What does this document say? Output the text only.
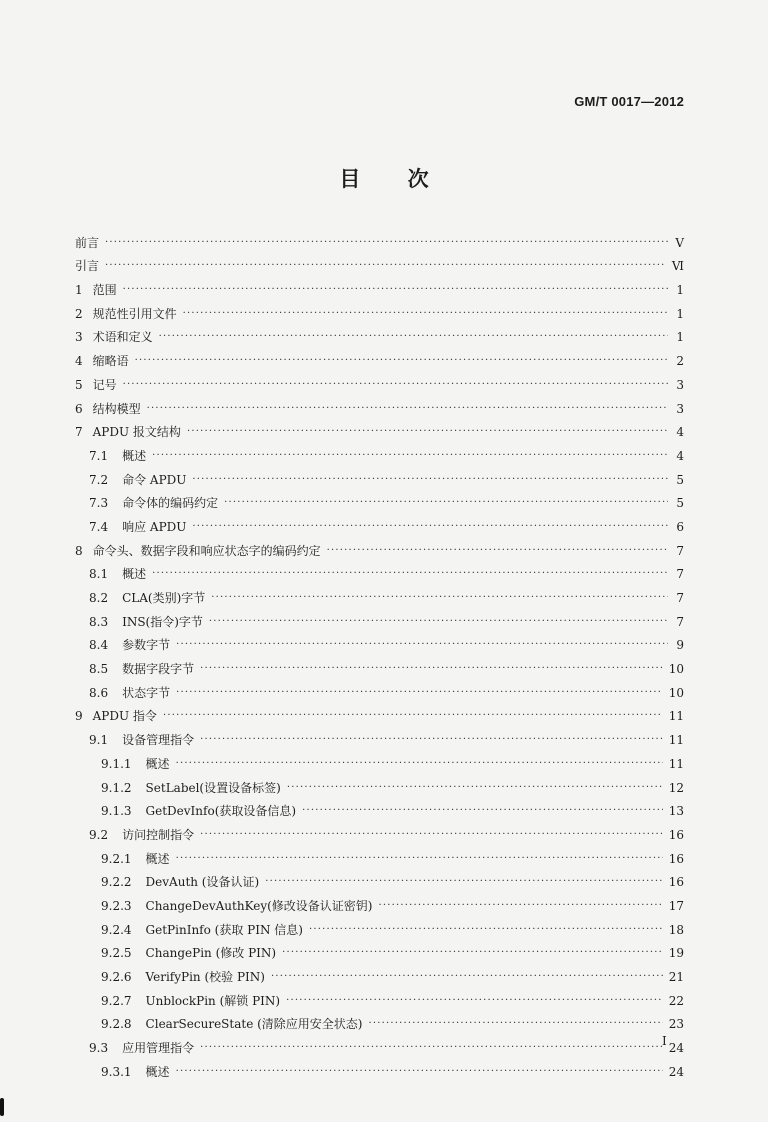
GM/T 0017—2012
目 次
前言 ·····	Ⅴ
引言 ·····	Ⅵ
1 范围 ·····	1
2 规范性引用文件 ·····	1
3 术语和定义 ·····	1
4 缩略语 ·····	2
5 记号 ·····	3
6 结构模型 ·····	3
7 APDU 报文结构 ·····	4
7.1 概述 ·····	4
7.2 命令 APDU ·····	5
7.3 命令体的编码约定 ·····	5
7.4 响应 APDU ·····	6
8 命令头、数据字段和响应状态字的编码约定 ·····	7
8.1 概述 ·····	7
8.2 CLA(类别)字节 ·····	7
8.3 INS(指令)字节 ·····	7
8.4 参数字节 ·····	9
8.5 数据字段字节 ·····	10
8.6 状态字节 ·····	10
9 APDU 指令 ·····	11
9.1 设备管理指令 ·····	11
9.1.1 概述 ·····	11
9.1.2 SetLabel(设置设备标签) ·····	12
9.1.3 GetDevInfo(获取设备信息) ·····	13
9.2 访问控制指令 ·····	16
9.2.1 概述 ·····	16
9.2.2 DevAuth (设备认证) ·····	16
9.2.3 ChangeDevAuthKey(修改设备认证密钥) ·····	17
9.2.4 GetPinInfo (获取 PIN 信息) ·····	18
9.2.5 ChangePin (修改 PIN) ·····	19
9.2.6 VerifyPin (校验 PIN) ·····	21
9.2.7 UnblockPin (解锁 PIN) ·····	22
9.2.8 ClearSecureState (清除应用安全状态) ·····	23
9.3 应用管理指令 ·····	24
9.3.1 概述 ·····	24
I
